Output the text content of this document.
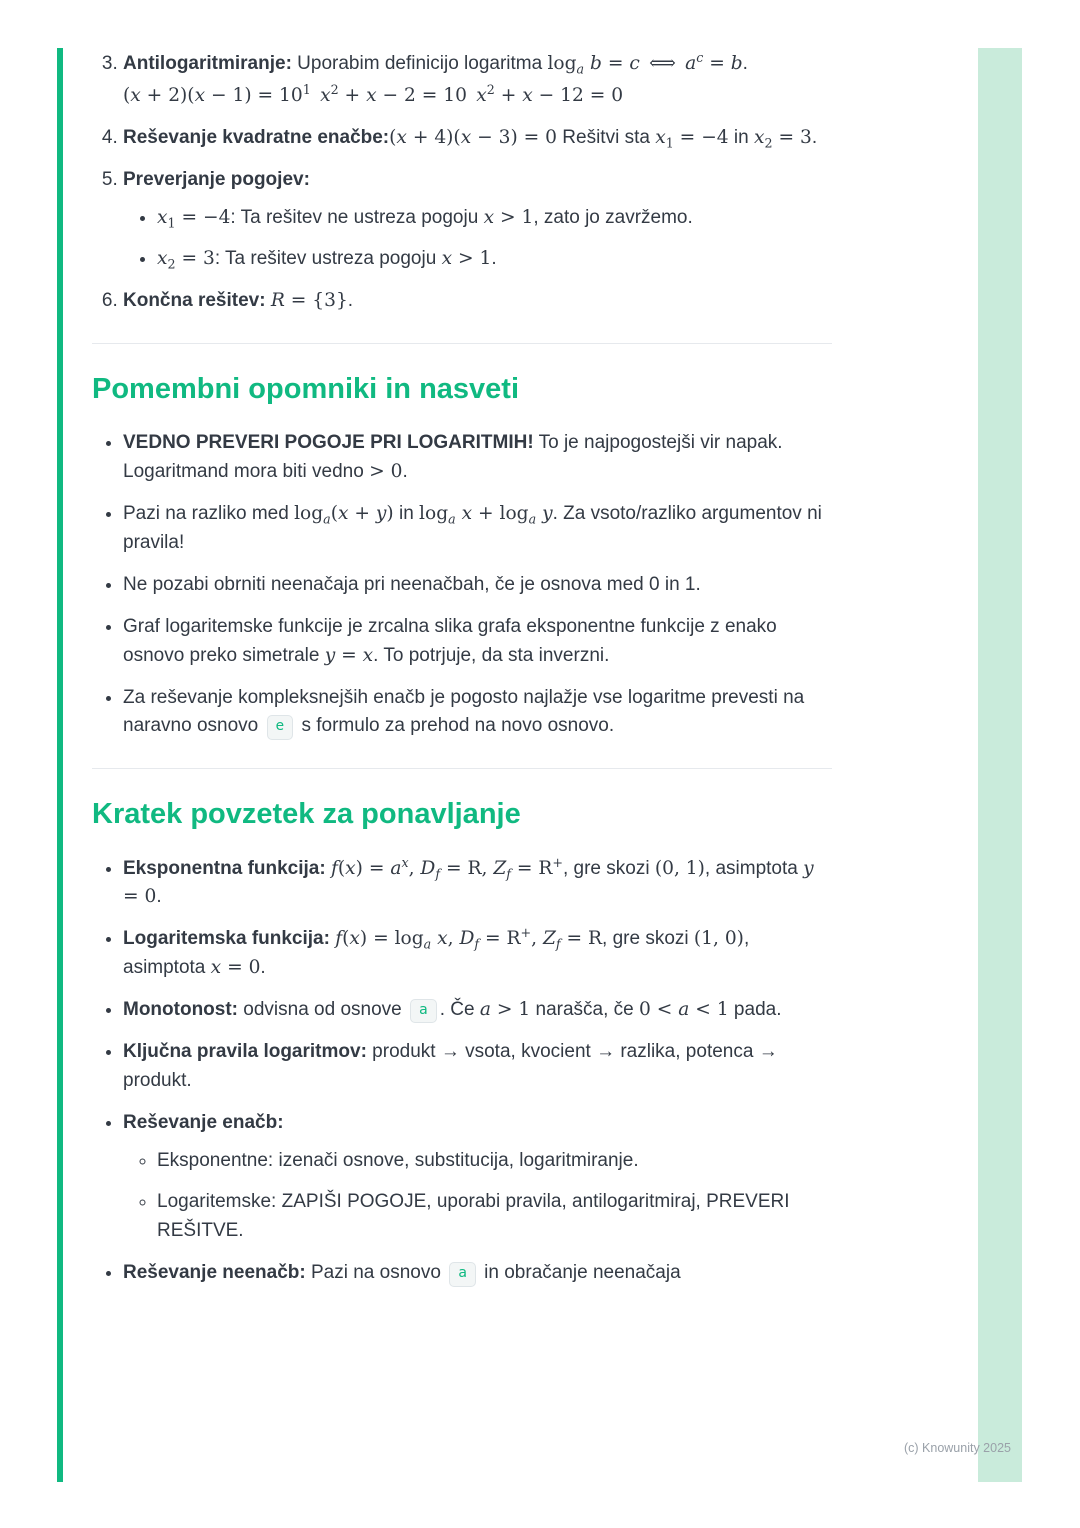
3. Antilogaritmiranje: Uporabim definicijo logaritma $\log_a b = c$ ⟺ $a^c = b$.
$(x + 2)(x - 1) = 10^1$  $x^2 + x - 2 = 10$ $x^2 + x - 12 = 0$
4. Reševanje kvadratne enačbe:(x + 4)(x − 3) = 0 Rešitvi sta $x_1 = -4$ in $x_2 = 3$.
5. Preverjanje pogojev:
• $x_1 = -4$: Ta rešitev ne ustreza pogoju x > 1, zato jo zavržemo.
• $x_2 = 3$: Ta rešitev ustreza pogoju x > 1.
6. Končna rešitev: R = {3}.
Pomembni opomniki in nasveti
• VEDNO PREVERI POGOJE PRI LOGARITMIH! To je najpogostejši vir napak. Logaritmand mora biti vedno > 0.
• Pazi na razliko med $\log_a(x + y)$ in $\log_a x + \log_a y$. Za vsoto/razliko argumentov ni pravila!
• Ne pozabi obrniti neenačaja pri neenačbah, če je osnova med 0 in 1.
• Graf logaritemske funkcije je zrcalna slika grafa eksponentne funkcije z enako osnovo preko simetrale y = x. To potrjuje, da sta inverzni.
• Za reševanje kompleksnejših enačb je pogosto najlažje vse logaritme prevesti na naravno osnovo e s formulo za prehod na novo osnovo.
Kratek povzetek za ponavljanje
• Eksponentna funkcija: $f(x) = a^x$, $D_f = R$, $Z_f = R^+$, gre skozi (0, 1), asimptota y = 0.
• Logaritemska funkcija: $f(x) = \log_a x$, $D_f = R^+$, $Z_f = R$, gre skozi (1, 0), asimptota x = 0.
• Monotonost: odvisna od osnove a . Če a > 1 narašča, če 0 < a < 1 pada.
• Ključna pravila logaritmov: produkt → vsota, kvocient → razlika, potenca → produkt.
• Reševanje enačb:
◦ Eksponentne: izenači osnove, substitucija, logaritmiranje.
◦ Logaritemske: ZAPIŠI POGOJE, uporabi pravila, antilogaritmiraj, PREVERI REŠITVE.
• Reševanje neenačb: Pazi na osnovo a in obračanje neenačaja
(c) Knowunity 2025
